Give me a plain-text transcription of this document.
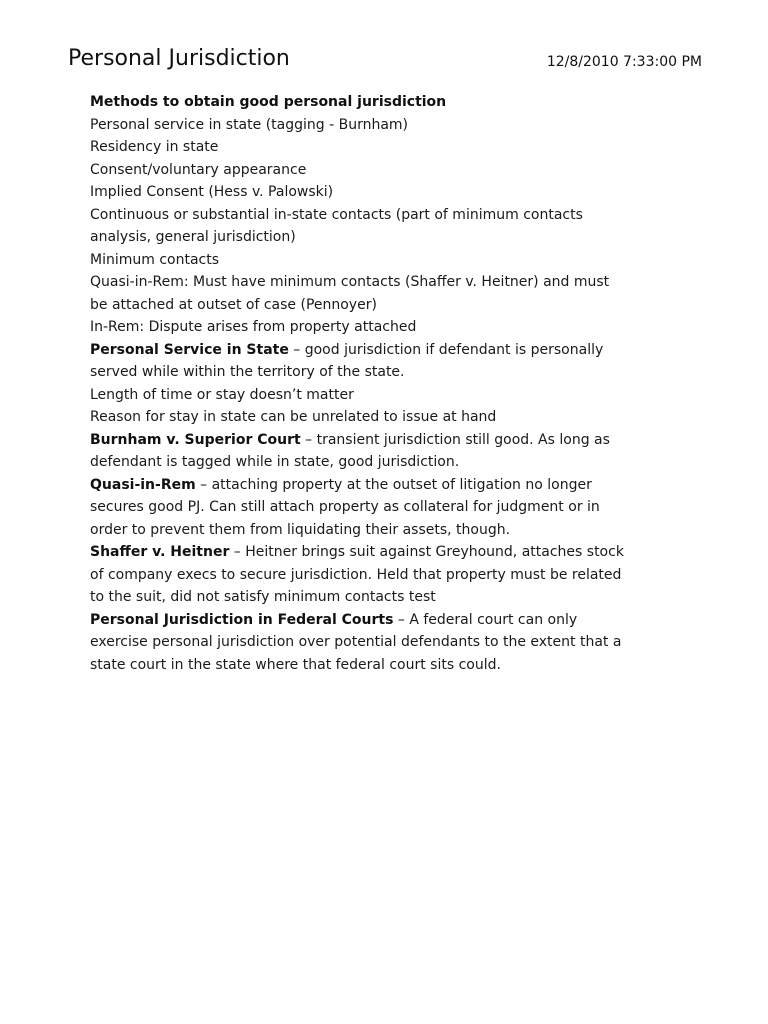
Personal Jurisdiction	12/8/2010 7:33:00 PM
Methods to obtain good personal jurisdiction
Personal service in state (tagging - Burnham)
Residency in state
Consent/voluntary appearance
Implied Consent (Hess v. Palowski)
Continuous or substantial in-state contacts (part of minimum contacts
analysis, general jurisdiction)
Minimum contacts
Quasi-in-Rem: Must have minimum contacts (Shaffer v. Heitner) and must
be attached at outset of case (Pennoyer)
In-Rem: Dispute arises from property attached
Personal Service in State – good jurisdiction if defendant is personally
served while within the territory of the state.
Length of time or stay doesn’t matter
Reason for stay in state can be unrelated to issue at hand
Burnham v. Superior Court – transient jurisdiction still good. As long as
defendant is tagged while in state, good jurisdiction.
Quasi-in-Rem – attaching property at the outset of litigation no longer
secures good PJ. Can still attach property as collateral for judgment or in
order to prevent them from liquidating their assets, though.
Shaffer v. Heitner – Heitner brings suit against Greyhound, attaches stock
of company execs to secure jurisdiction. Held that property must be related
to the suit, did not satisfy minimum contacts test
Personal Jurisdiction in Federal Courts – A federal court can only
exercise personal jurisdiction over potential defendants to the extent that a
state court in the state where that federal court sits could.
